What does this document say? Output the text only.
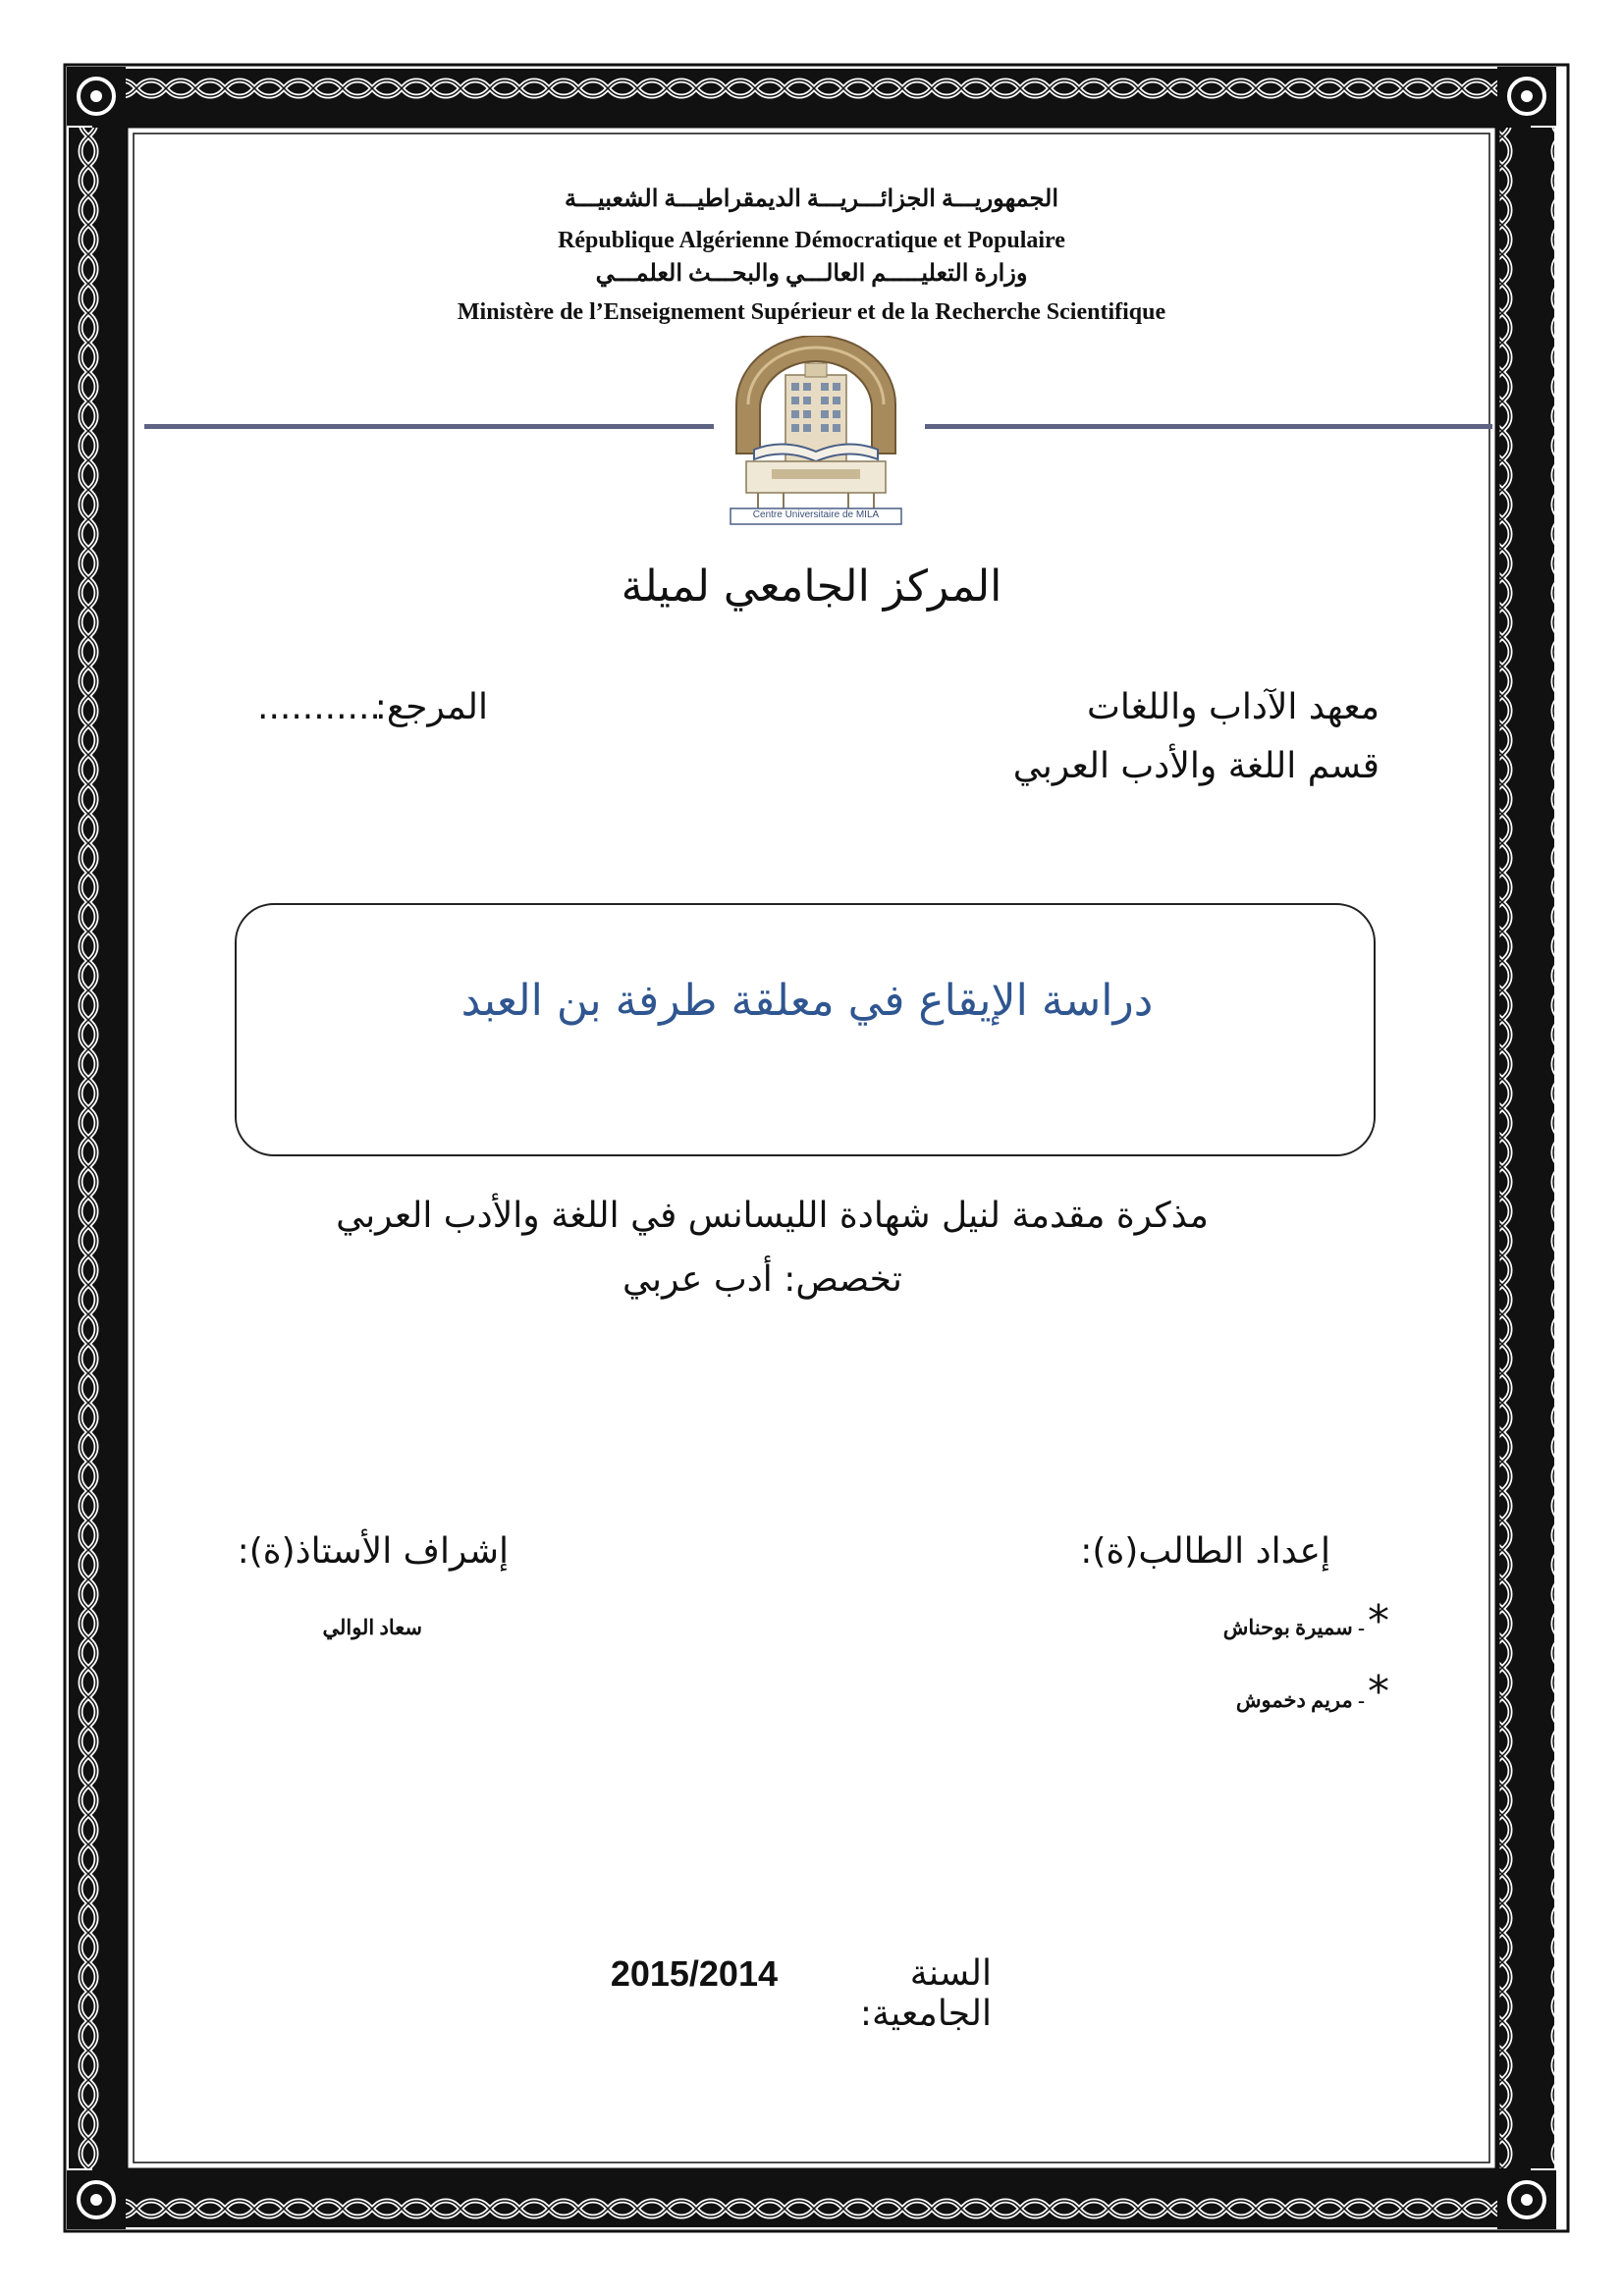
الجمهوريـــة الجزائـــريـــة الديمقراطيـــة الشعبيـــة
République Algérienne Démocratique et Populaire
وزارة التعليـــــم العالـــي والبحـــث العلمـــي
Ministère de l’Enseignement Supérieur et de la Recherche Scientifique
Centre Universitaire de MILA
المركز الجامعي لميلة
معهد الآداب واللغات
قسم اللغة والأدب العربي
المرجع:
...........
دراسة الإيقاع في معلقة طرفة بن العبد
مذكرة مقدمة لنيل شهادة الليسانس في اللغة والأدب العربي
تخصص: أدب عربي
إعداد الطالب(ة):
*
- سميرة بوحناش
*
- مريم دخموش
إشراف الأستاذ(ة):
سعاد الوالي
السنة الجامعية:
2015/2014
